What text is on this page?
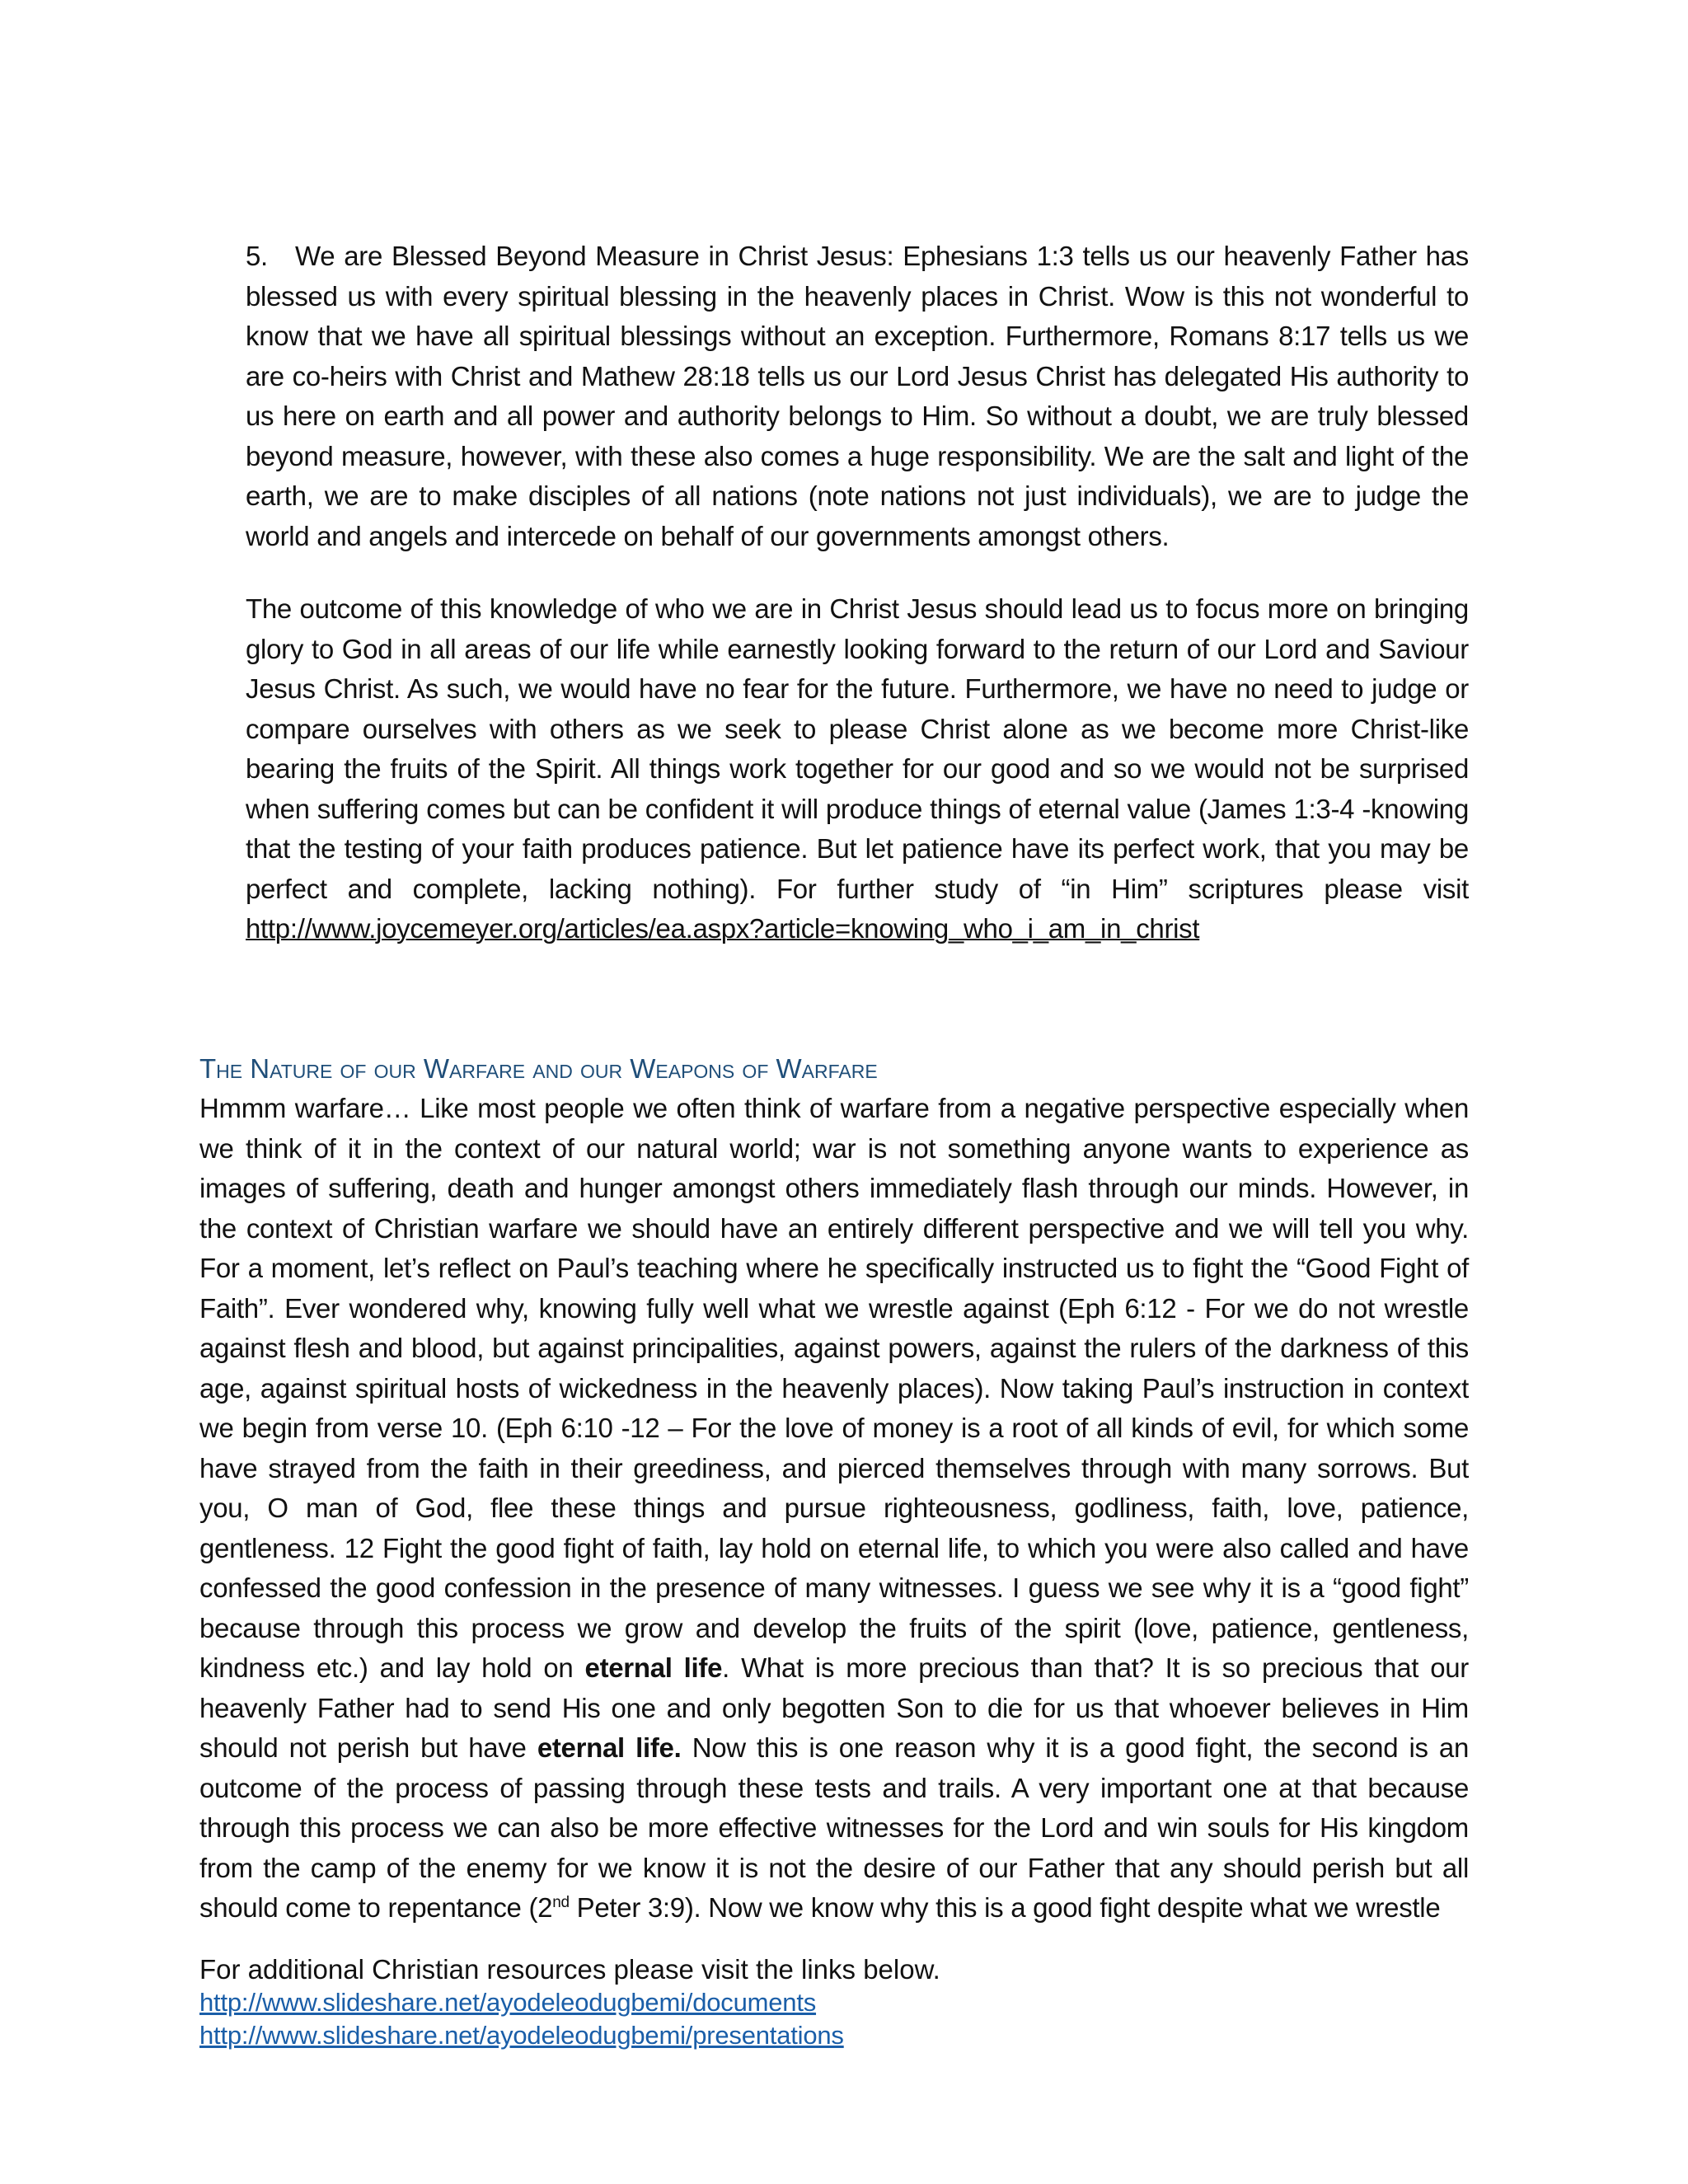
5. We are Blessed Beyond Measure in Christ Jesus: Ephesians 1:3 tells us our heavenly Father has blessed us with every spiritual blessing in the heavenly places in Christ. Wow is this not wonderful to know that we have all spiritual blessings without an exception. Furthermore, Romans 8:17 tells us we are co-heirs with Christ and Mathew 28:18 tells us our Lord Jesus Christ has delegated His authority to us here on earth and all power and authority belongs to Him. So without a doubt, we are truly blessed beyond measure, however, with these also comes a huge responsibility. We are the salt and light of the earth, we are to make disciples of all nations (note nations not just individuals), we are to judge the world and angels and intercede on behalf of our governments amongst others.
The outcome of this knowledge of who we are in Christ Jesus should lead us to focus more on bringing glory to God in all areas of our life while earnestly looking forward to the return of our Lord and Saviour Jesus Christ. As such, we would have no fear for the future. Furthermore, we have no need to judge or compare ourselves with others as we seek to please Christ alone as we become more Christ-like bearing the fruits of the Spirit. All things work together for our good and so we would not be surprised when suffering comes but can be confident it will produce things of eternal value (James 1:3-4 -knowing that the testing of your faith produces patience. But let patience have its perfect work, that you may be perfect and complete, lacking nothing). For further study of “in Him” scriptures please visit http://www.joycemeyer.org/articles/ea.aspx?article=knowing_who_i_am_in_christ
The Nature of our Warfare and our Weapons of Warfare
Hmmm warfare… Like most people we often think of warfare from a negative perspective especially when we think of it in the context of our natural world; war is not something anyone wants to experience as images of suffering, death and hunger amongst others immediately flash through our minds. However, in the context of Christian warfare we should have an entirely different perspective and we will tell you why. For a moment, let’s reflect on Paul’s teaching where he specifically instructed us to fight the “Good Fight of Faith”. Ever wondered why, knowing fully well what we wrestle against (Eph 6:12 - For we do not wrestle against flesh and blood, but against principalities, against powers, against the rulers of the darkness of this age, against spiritual hosts of wickedness in the heavenly places). Now taking Paul’s instruction in context we begin from verse 10. (Eph 6:10 -12 – For the love of money is a root of all kinds of evil, for which some have strayed from the faith in their greediness, and pierced themselves through with many sorrows. But you, O man of God, flee these things and pursue righteousness, godliness, faith, love, patience, gentleness. 12 Fight the good fight of faith, lay hold on eternal life, to which you were also called and have confessed the good confession in the presence of many witnesses. I guess we see why it is a “good fight” because through this process we grow and develop the fruits of the spirit (love, patience, gentleness, kindness etc.) and lay hold on eternal life. What is more precious than that? It is so precious that our heavenly Father had to send His one and only begotten Son to die for us that whoever believes in Him should not perish but have eternal life. Now this is one reason why it is a good fight, the second is an outcome of the process of passing through these tests and trails. A very important one at that because through this process we can also be more effective witnesses for the Lord and win souls for His kingdom from the camp of the enemy for we know it is not the desire of our Father that any should perish but all should come to repentance (2nd Peter 3:9). Now we know why this is a good fight despite what we wrestle
For additional Christian resources please visit the links below.
http://www.slideshare.net/ayodeleodugbemi/documents
http://www.slideshare.net/ayodeleodugbemi/presentations
